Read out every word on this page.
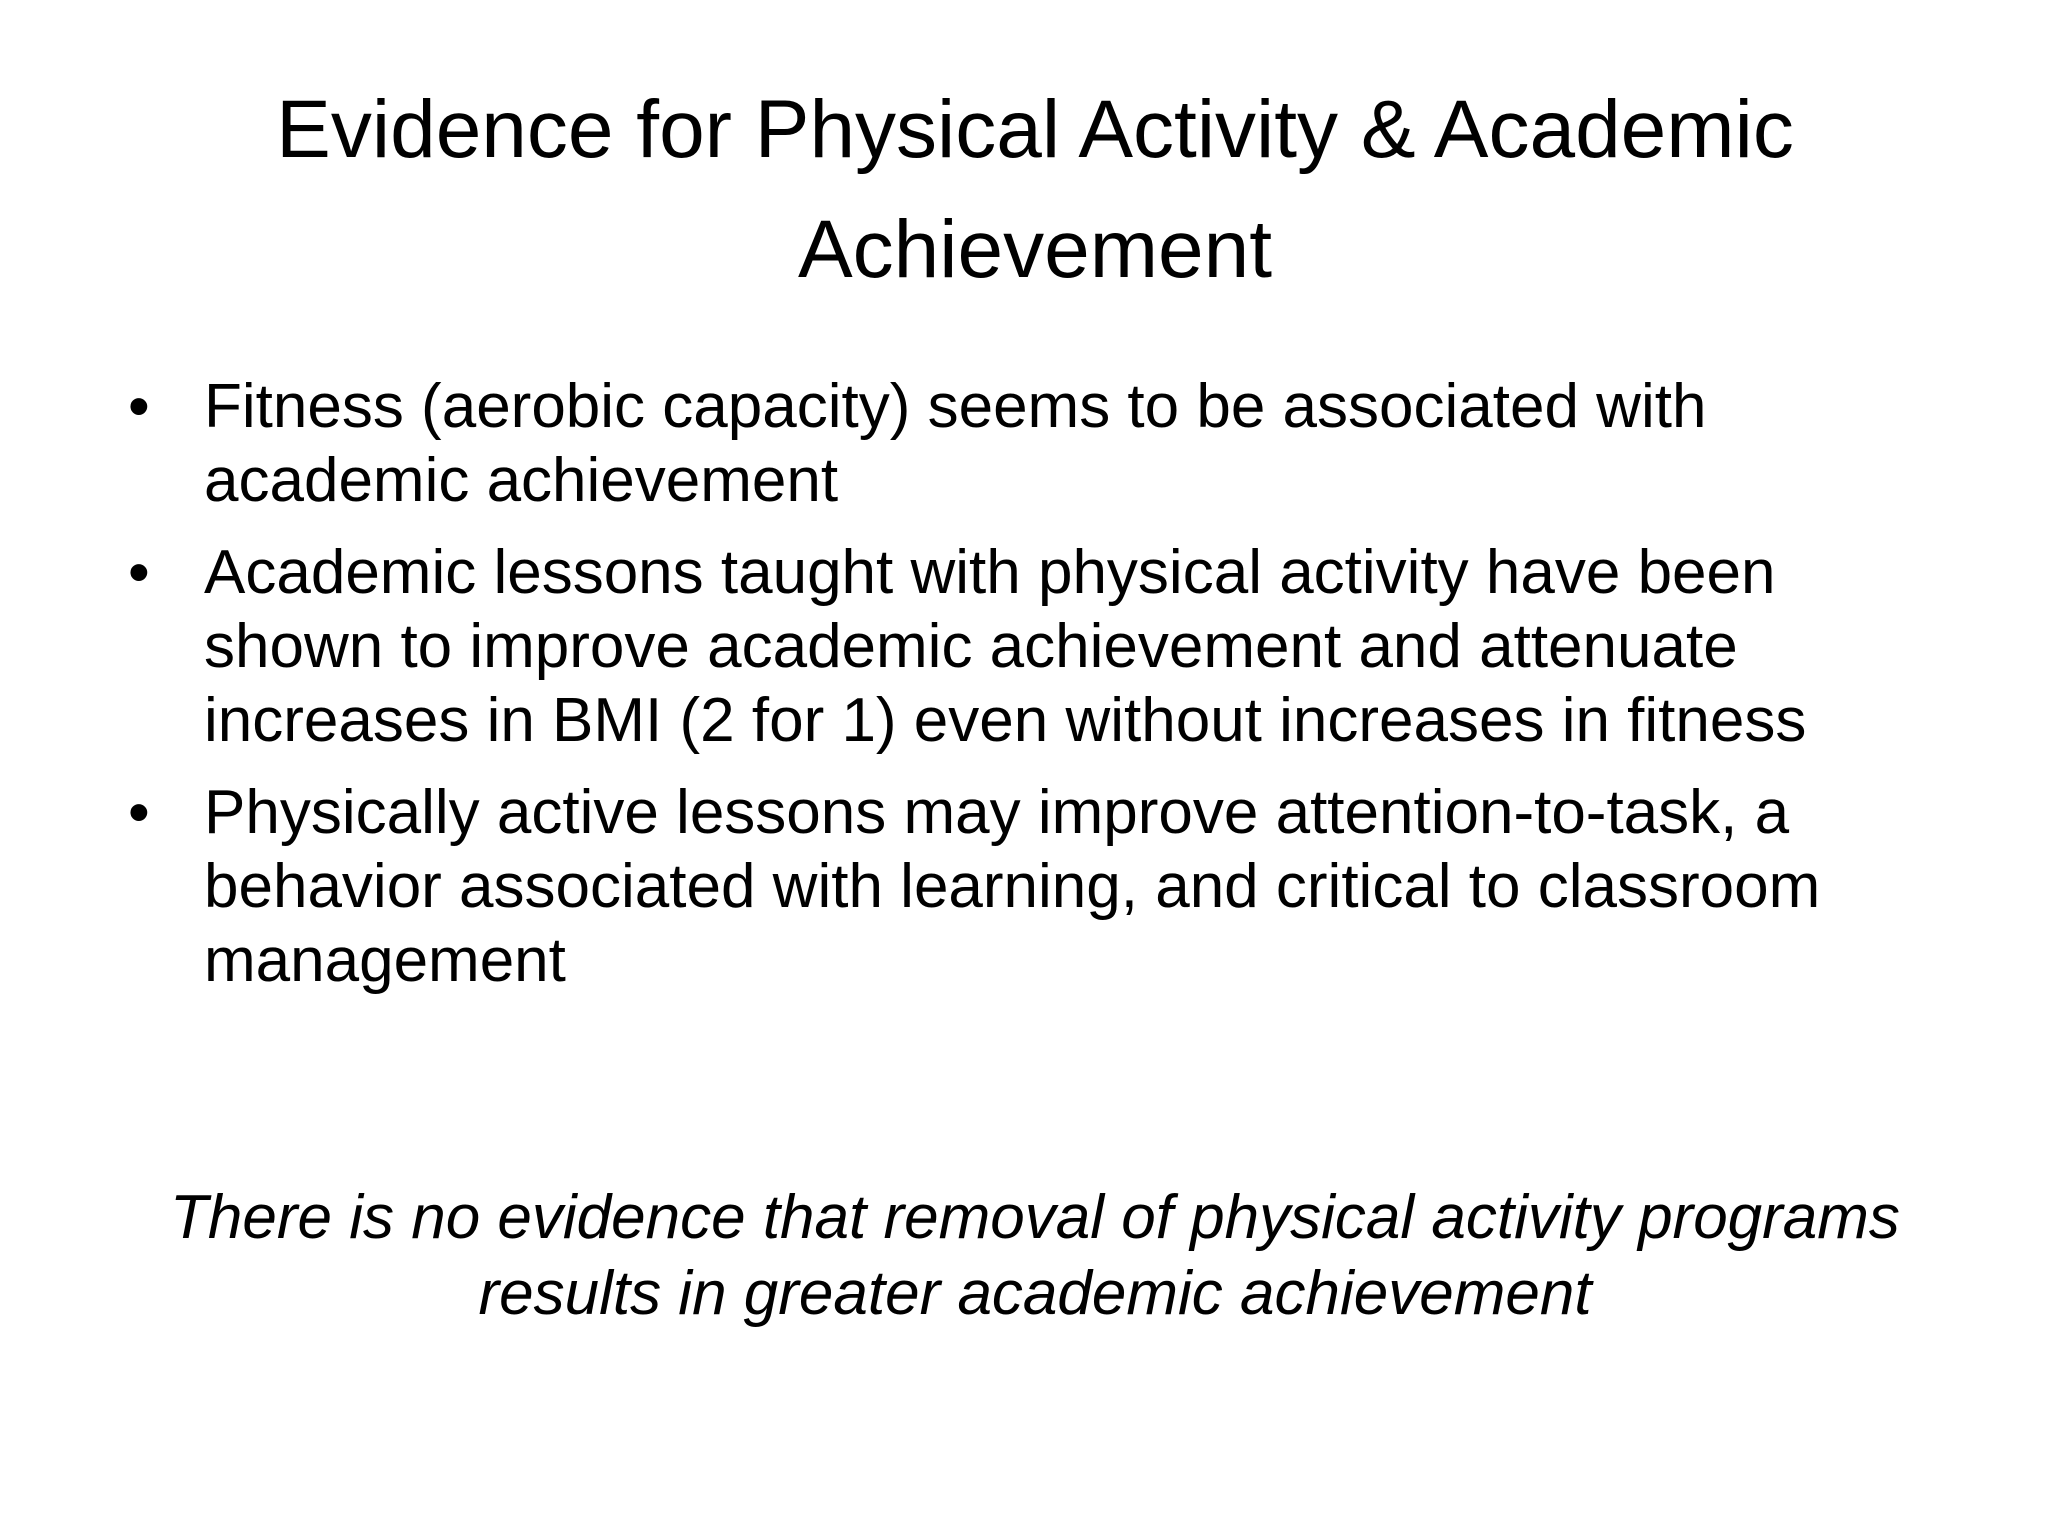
Evidence for Physical Activity & Academic Achievement
• Fitness (aerobic capacity) seems to be associated with academic achievement
• Academic lessons taught with physical activity have been shown to improve academic achievement and attenuate increases in BMI (2 for 1) even without increases in fitness
• Physically active lessons may improve attention-to-task, a behavior associated with learning, and critical to classroom management

There is no evidence that removal of physical activity programs results in greater academic achievement
